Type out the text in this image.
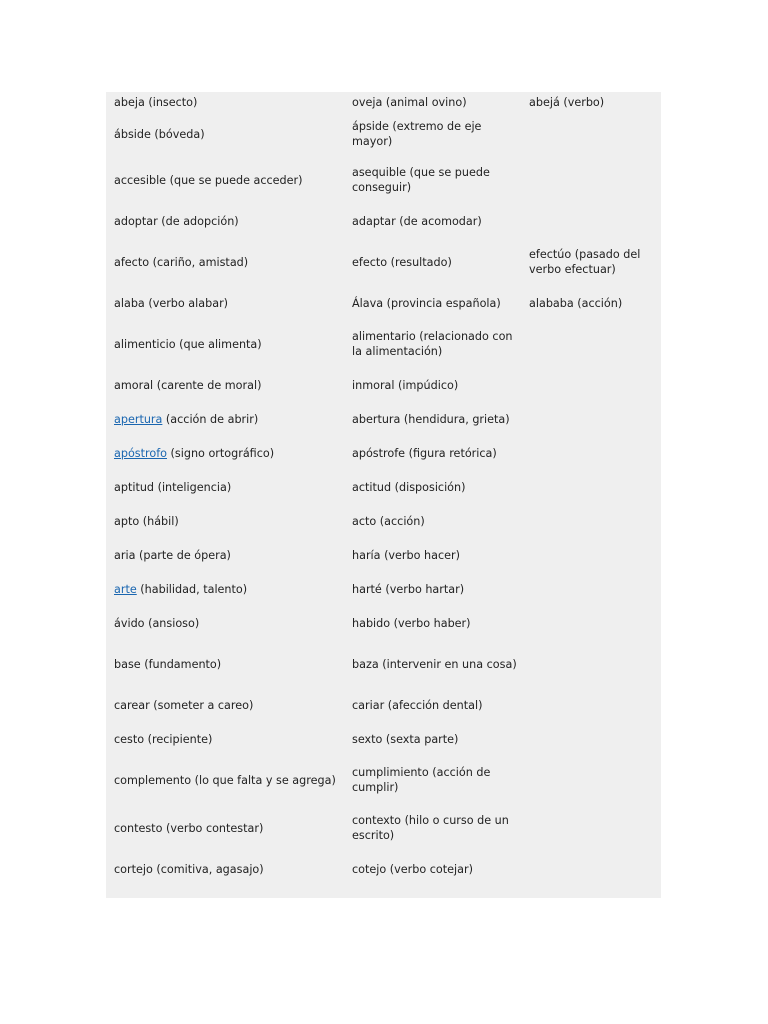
abeja (insecto)	oveja (animal ovino)	abejá (verbo)
ábside (bóveda)	ápside (extremo de eje mayor)	
accesible (que se puede acceder)	asequible (que se puede conseguir)	
adoptar (de adopción)	adaptar (de acomodar)	
afecto (cariño, amistad)	efecto (resultado)	efectúo (pasado del verbo efectuar)
alaba (verbo alabar)	Álava (provincia española)	alababa (acción)
alimenticio (que alimenta)	alimentario (relacionado con la alimentación)	
amoral (carente de moral)	inmoral (impúdico)	
apertura (acción de abrir)	abertura (hendidura, grieta)	
apóstrofo (signo ortográfico)	apóstrofe (figura retórica)	
aptitud (inteligencia)	actitud (disposición)	
apto (hábil)	acto (acción)	
aria (parte de ópera)	haría (verbo hacer)	
arte (habilidad, talento)	harté (verbo hartar)	
ávido (ansioso)	habido (verbo haber)	
base (fundamento)	baza (intervenir en una cosa)	
carear (someter a careo)	cariar (afección dental)	
cesto (recipiente)	sexto (sexta parte)	
complemento (lo que falta y se agrega)	cumplimiento (acción de cumplir)	
contesto (verbo contestar)	contexto (hilo o curso de un escrito)	
cortejo (comitiva, agasajo)	cotejo (verbo cotejar)	
